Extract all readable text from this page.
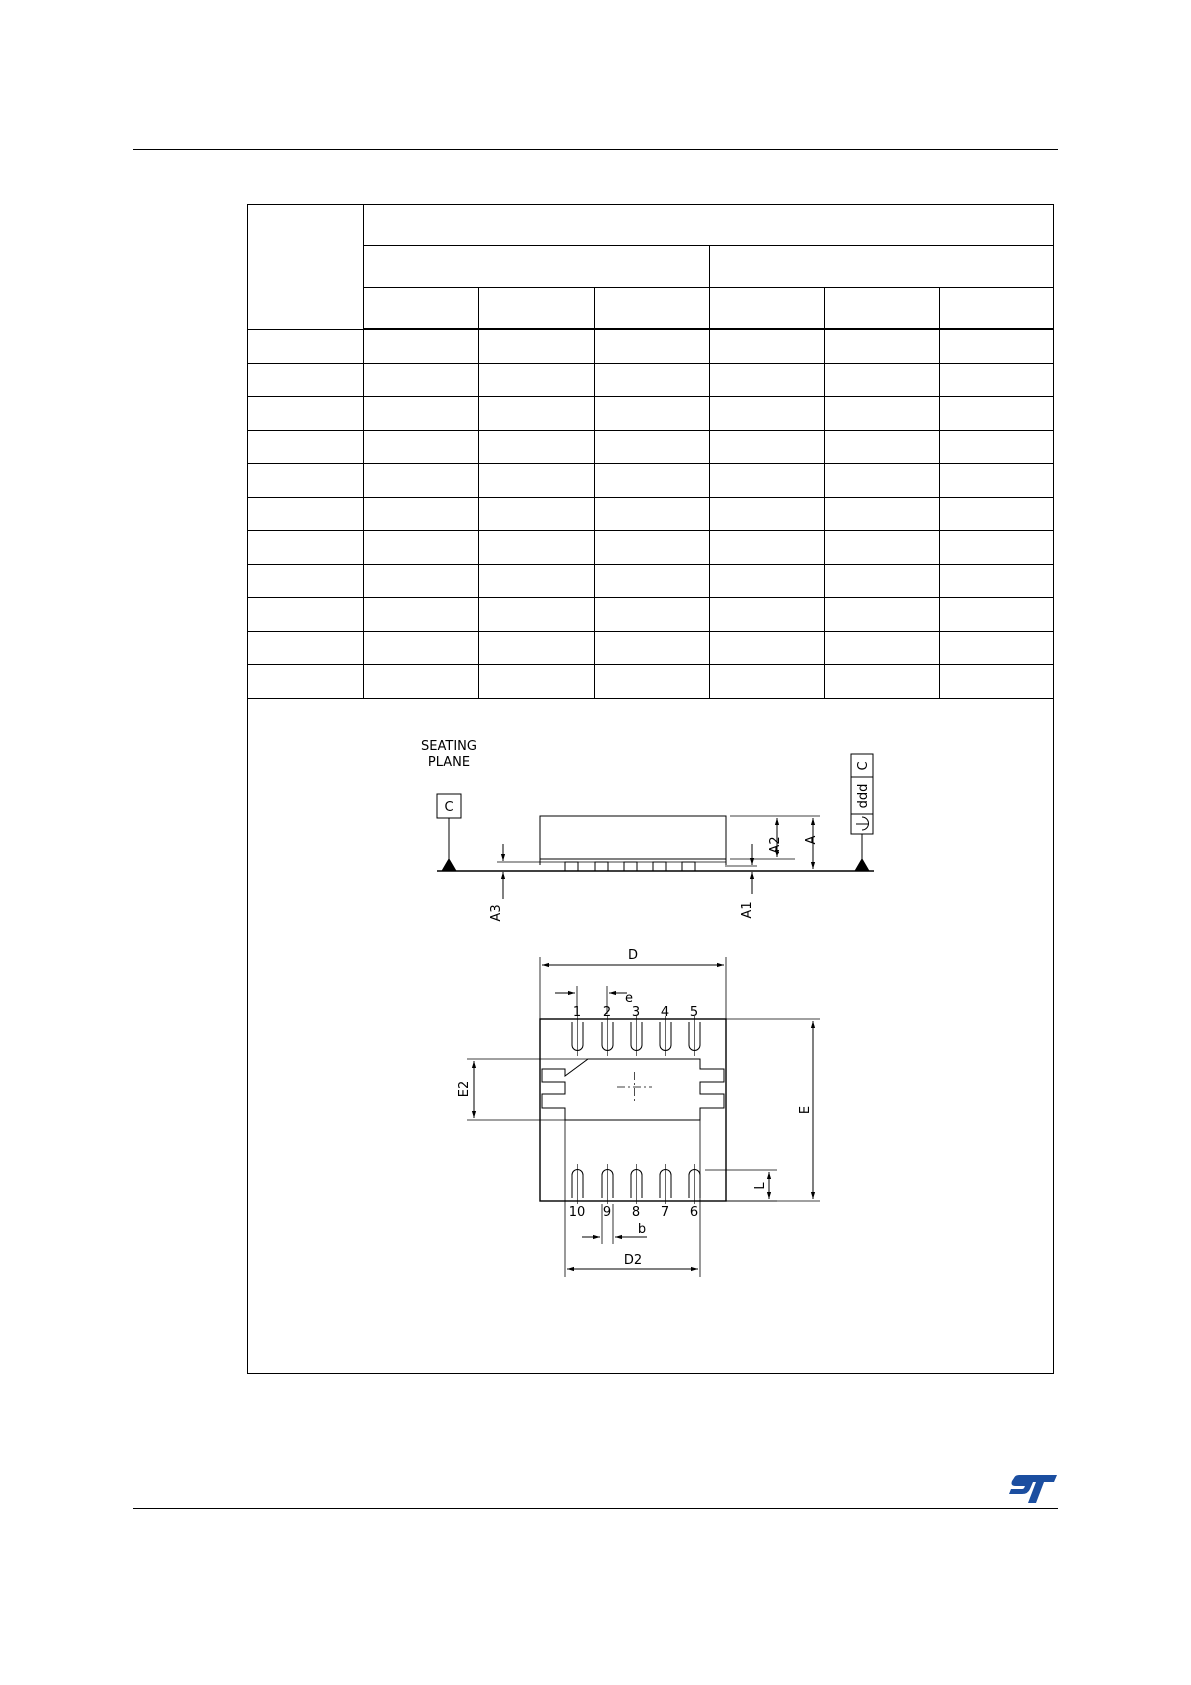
SEATING
PLANE
C
C
ddd
A2 A
A1
A3
D
e
1 2 3 4 5
10 9 8 7 6
E2
E
L
b
D2
